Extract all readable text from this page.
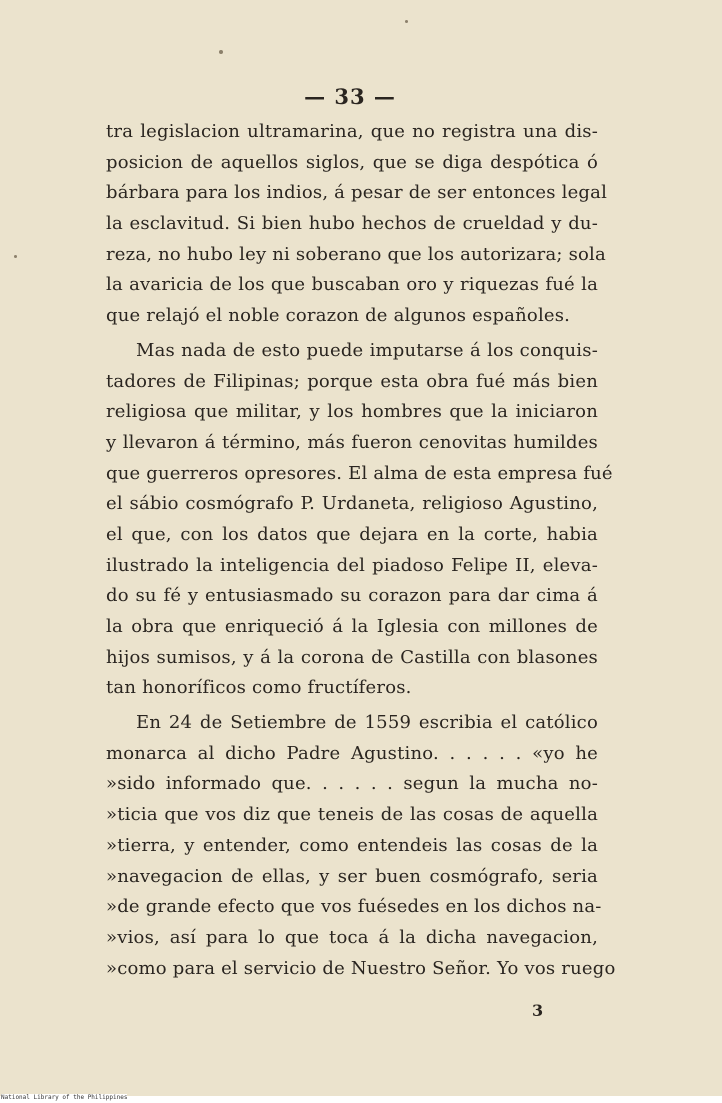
— 33 —
tra legislacion ultramarina, que no registra una dis-
posicion de aquellos siglos, que se diga despótica ó
bárbara para los indios, á pesar de ser entonces legal
la esclavitud. Si bien hubo hechos de crueldad y du-
reza, no hubo ley ni soberano que los autorizara; sola
la avaricia de los que buscaban oro y riquezas fué la
que relajó el noble corazon de algunos españoles.
Mas nada de esto puede imputarse á los conquis-
tadores de Filipinas; porque esta obra fué más bien
religiosa que militar, y los hombres que la iniciaron
y llevaron á término, más fueron cenovitas humildes
que guerreros opresores. El alma de esta empresa fué
el sábio cosmógrafo P. Urdaneta, religioso Agustino,
el que, con los datos que dejara en la corte, habia
ilustrado la inteligencia del piadoso Felipe II, eleva-
do su fé y entusiasmado su corazon para dar cima á
la obra que enriqueció á la Iglesia con millones de
hijos sumisos, y á la corona de Castilla con blasones
tan honoríficos como fructíferos.
En 24 de Setiembre de 1559 escribia el católico
monarca al dicho Padre Agustino. . . . . . «yo he
»sido informado que. . . . . . segun la mucha no-
»ticia que vos diz que teneis de las cosas de aquella
»tierra, y entender, como entendeis las cosas de la
»navegacion de ellas, y ser buen cosmógrafo, seria
»de grande efecto que vos fuésedes en los dichos na-
»vios, así para lo que toca á la dicha navegacion,
»como para el servicio de Nuestro Señor. Yo vos ruego
3
National Library of the Philippines
